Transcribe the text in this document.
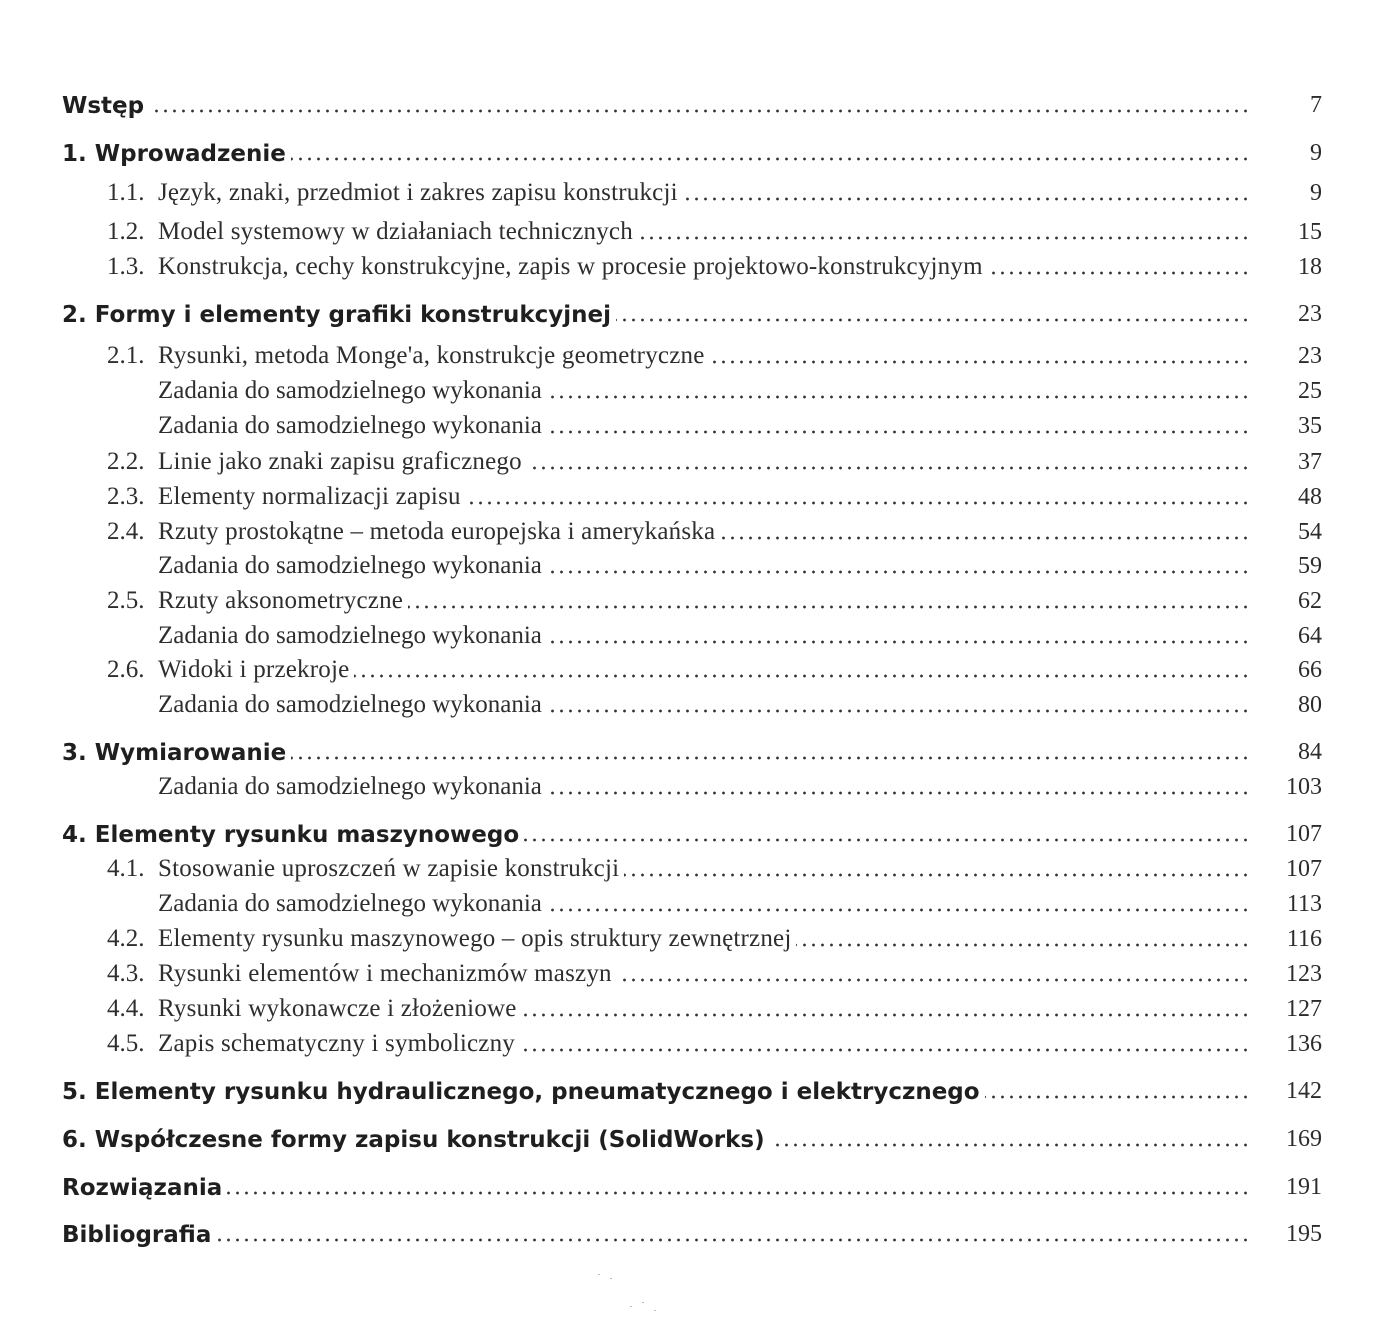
Wstęp	7
1. Wprowadzenie	9
1.1. Język, znaki, przedmiot i zakres zapisu konstrukcji	9
1.2. Model systemowy w działaniach technicznych	15
1.3. Konstrukcja, cechy konstrukcyjne, zapis w procesie projektowo-konstrukcyjnym	18
2. Formy i elementy grafiki konstrukcyjnej	23
2.1. Rysunki, metoda Monge'a, konstrukcje geometryczne	23
Zadania do samodzielnego wykonania	25
Zadania do samodzielnego wykonania	35
2.2. Linie jako znaki zapisu graficznego	37
2.3. Elementy normalizacji zapisu	48
2.4. Rzuty prostokątne – metoda europejska i amerykańska	54
Zadania do samodzielnego wykonania	59
2.5. Rzuty aksonometryczne	62
Zadania do samodzielnego wykonania	64
2.6. Widoki i przekroje	66
Zadania do samodzielnego wykonania	80
3. Wymiarowanie	84
Zadania do samodzielnego wykonania	103
4. Elementy rysunku maszynowego	107
4.1. Stosowanie uproszczeń w zapisie konstrukcji	107
Zadania do samodzielnego wykonania	113
4.2. Elementy rysunku maszynowego – opis struktury zewnętrznej	116
4.3. Rysunki elementów i mechanizmów maszyn	123
4.4. Rysunki wykonawcze i złożeniowe	127
4.5. Zapis schematyczny i symboliczny	136
5. Elementy rysunku hydraulicznego, pneumatycznego i elektrycznego	142
6. Współczesne formy zapisu konstrukcji (SolidWorks)	169
Rozwiązania	191
Bibliografia	195
